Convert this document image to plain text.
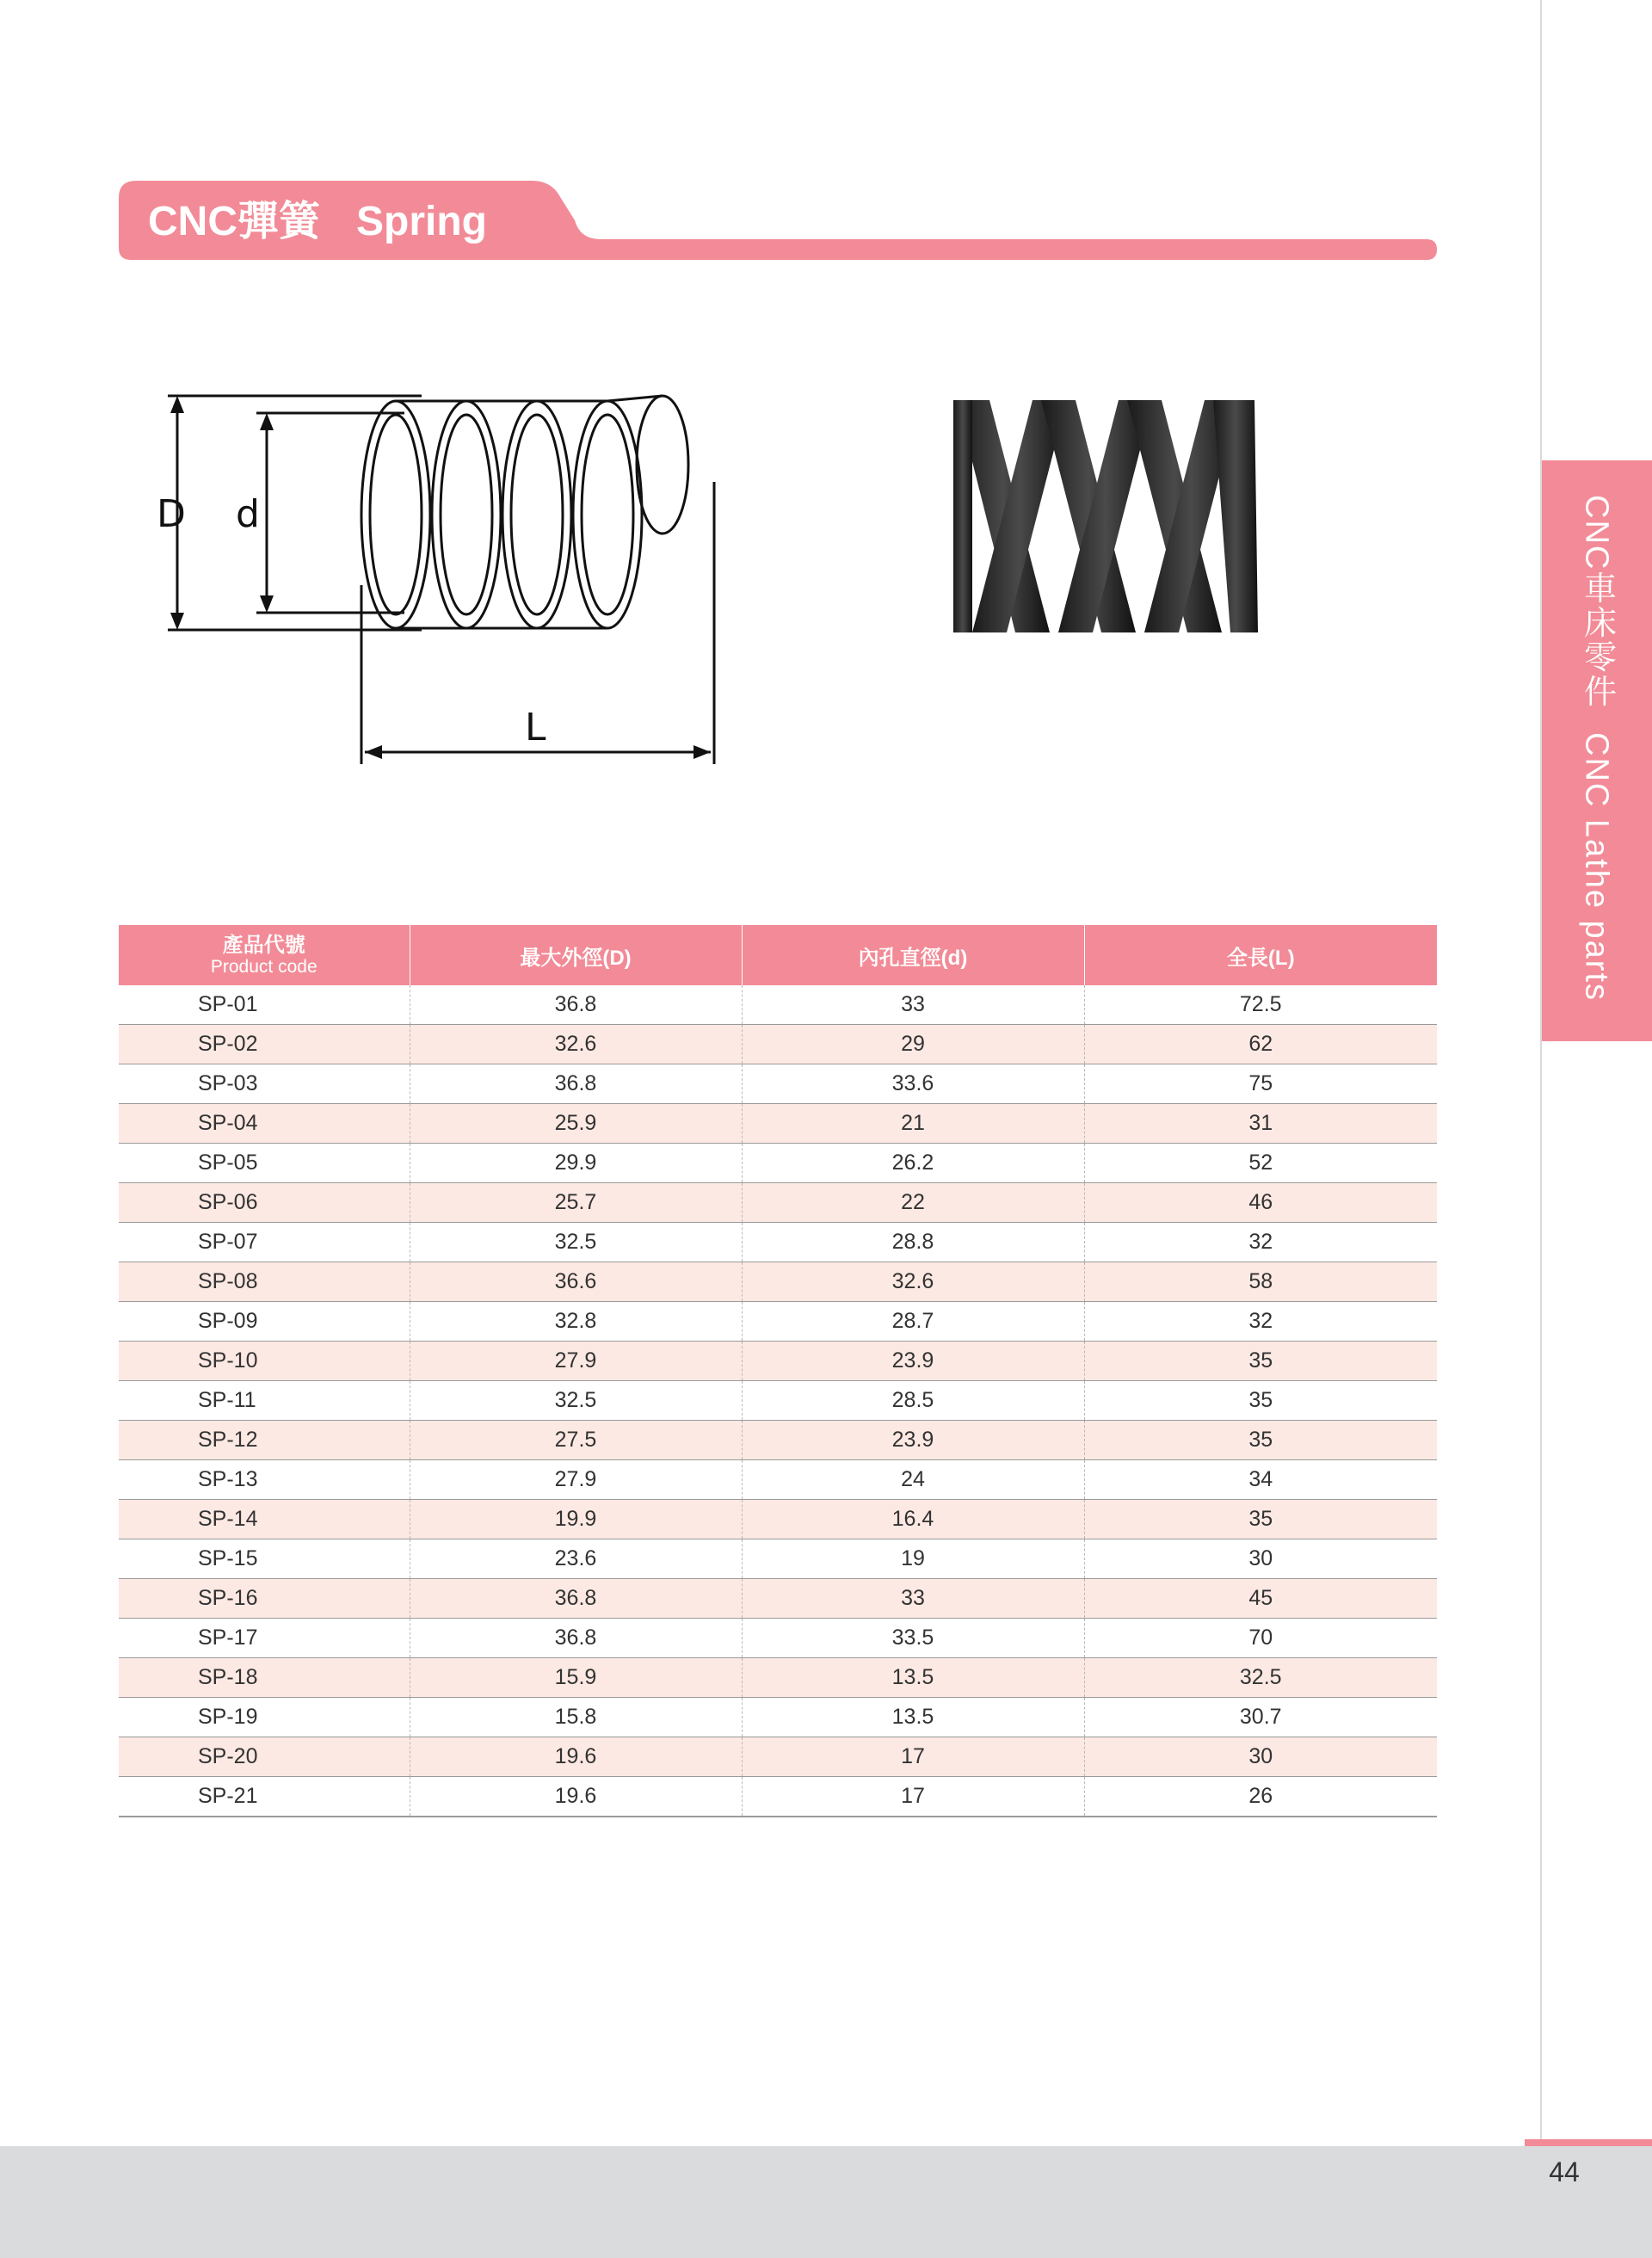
CNC彈簧 Spring
CNC車床零件CNC Lathe parts
D d
L
產品代號
Product code	最大外徑(D)	內孔直徑(d)	全長(L)
SP-01	36.8	33	72.5
SP-02	32.6	29	62
SP-03	36.8	33.6	75
SP-04	25.9	21	31
SP-05	29.9	26.2	52
SP-06	25.7	22	46
SP-07	32.5	28.8	32
SP-08	36.6	32.6	58
SP-09	32.8	28.7	32
SP-10	27.9	23.9	35
SP-11	32.5	28.5	35
SP-12	27.5	23.9	35
SP-13	27.9	24	34
SP-14	19.9	16.4	35
SP-15	23.6	19	30
SP-16	36.8	33	45
SP-17	36.8	33.5	70
SP-18	15.9	13.5	32.5
SP-19	15.8	13.5	30.7
SP-20	19.6	17	30
SP-21	19.6	17	26
44
